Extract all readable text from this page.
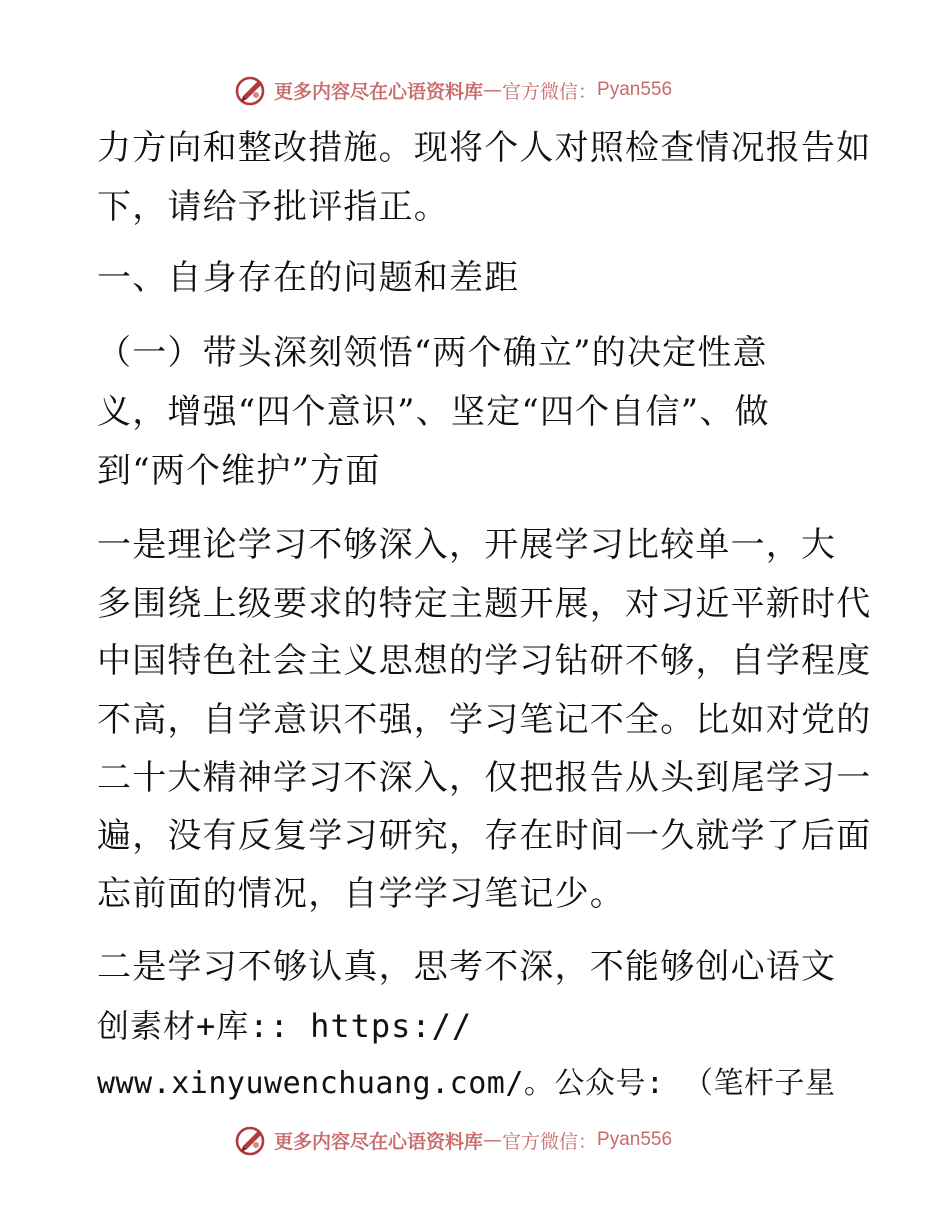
更多内容尽在心语资料库 — 官方微信： Pyan556
力方向和整改措施。现将个人对照检查情况报告如
下，请给予批评指正。
一、自身存在的问题和差距
（一）带头深刻领悟“两个确立”的决定性意
义，增强“四个意识”、坚定“四个自信”、做
到“两个维护”方面
一是理论学习不够深入，开展学习比较单一，大
多围绕上级要求的特定主题开展，对习近平新时代
中国特色社会主义思想的学习钻研不够，自学程度
不高，自学意识不强，学习笔记不全。比如对党的
二十大精神学习不深入，仅把报告从头到尾学习一
遍，没有反复学习研究，存在时间一久就学了后面
忘前面的情况，自学学习笔记少。
二是学习不够认真，思考不深，不能够创心语文
创素材+库:: https://
www.xinyuwenchuang.com/。公众号: （笔杆子星
更多内容尽在心语资料库 — 官方微信： Pyan556
